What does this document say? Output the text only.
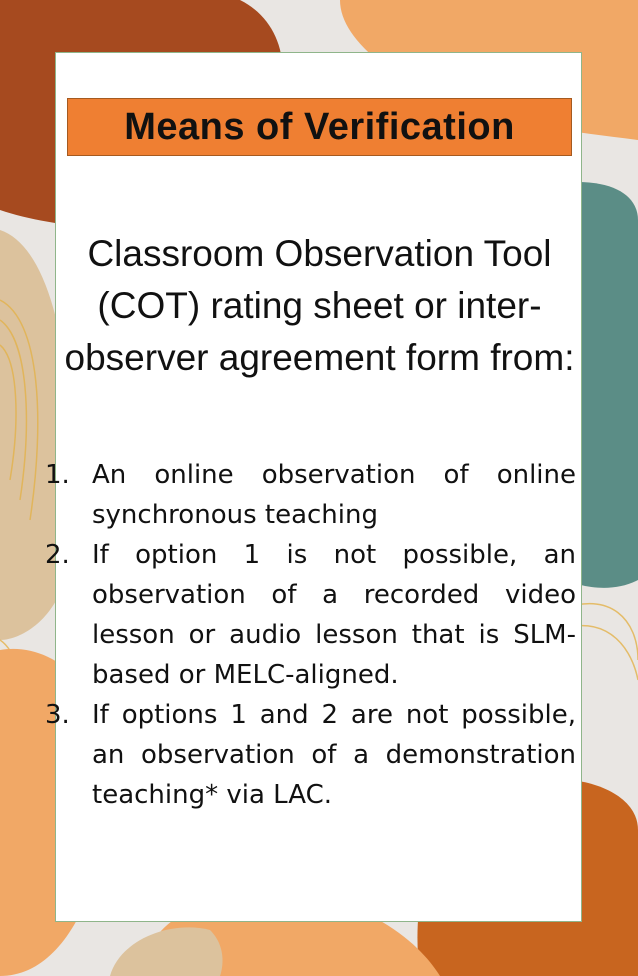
Means of Verification
Classroom Observation Tool (COT) rating sheet or inter-observer agreement form from:
1. An online observation of online synchronous teaching
2. If option 1 is not possible, an observation of a recorded video lesson or audio lesson that is SLM-based or MELC-aligned.
3. If options 1 and 2 are not possible, an observation of a demonstration teaching* via LAC.
